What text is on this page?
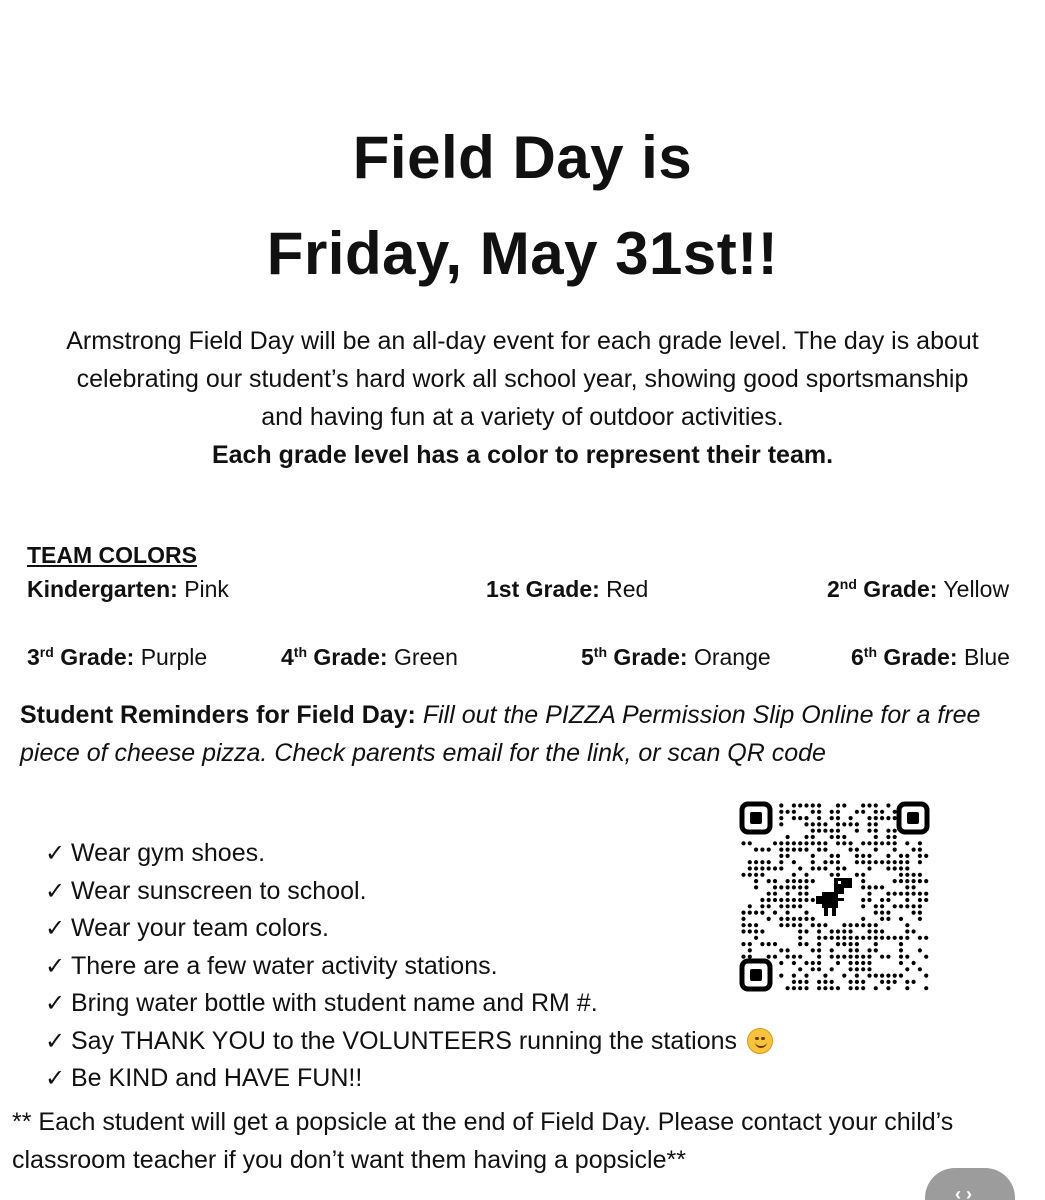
Field Day is
Friday, May 31st!!
Armstrong Field Day will be an all-day event for each grade level. The day is about celebrating our student’s hard work all school year, showing good sportsmanship and having fun at a variety of outdoor activities.
Each grade level has a color to represent their team.
TEAM COLORS
Kindergarten: Pink	1st Grade: Red	2nd Grade: Yellow
3rd Grade: Purple	4th Grade: Green	5th Grade: Orange	6th Grade: Blue
Student Reminders for Field Day: Fill out the PIZZA Permission Slip Online for a free piece of cheese pizza. Check parents email for the link, or scan QR code
✓ Wear gym shoes.
✓ Wear sunscreen to school.
✓ Wear your team colors.
✓ There are a few water activity stations.
✓ Bring water bottle with student name and RM #.
✓ Say THANK YOU to the VOLUNTEERS running the stations
✓ Be KIND and HAVE FUN!!
** Each student will get a popsicle at the end of Field Day. Please contact your child’s classroom teacher if you don’t want them having a popsicle**
‹ ›
